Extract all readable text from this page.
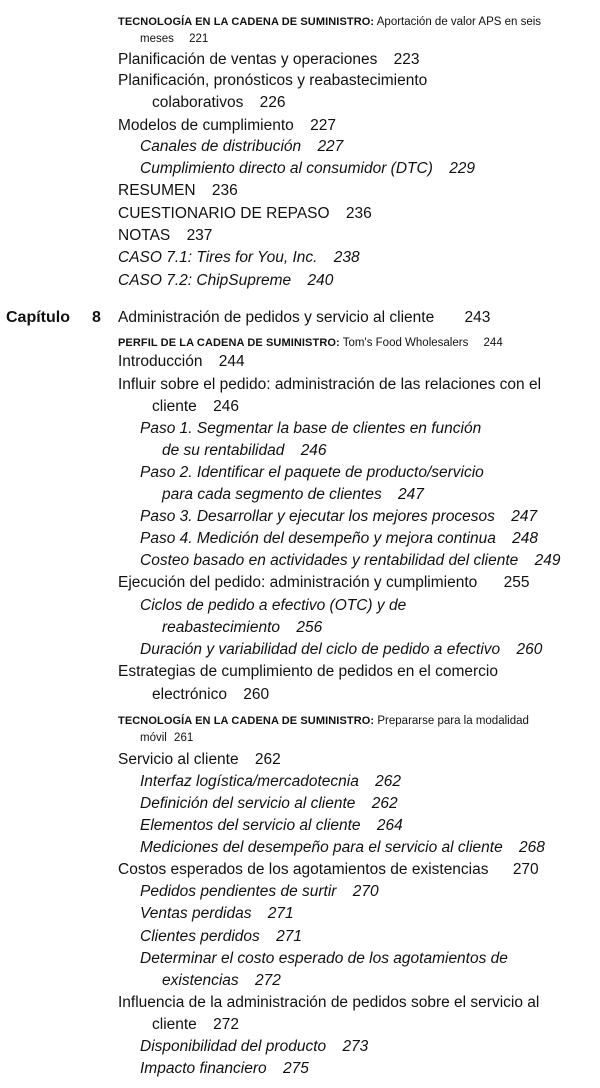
TECNOLOGÍA EN LA CADENA DE SUMINISTRO: Aportación de valor APS en seis
meses 221
Planificación de ventas y operaciones 223
Planificación, pronósticos y reabastecimiento
colaborativos 226
Modelos de cumplimiento 227
Canales de distribución 227
Cumplimiento directo al consumidor (DTC) 229
RESUMEN 236
CUESTIONARIO DE REPASO 236
NOTAS 237
CASO 7.1: Tires for You, Inc. 238
CASO 7.2: ChipSupreme 240
Capítulo 8 Administración de pedidos y servicio al cliente 243
PERFIL DE LA CADENA DE SUMINISTRO: Tom's Food Wholesalers 244
Introducción 244
Influir sobre el pedido: administración de las relaciones con el
cliente 246
Paso 1. Segmentar la base de clientes en función
de su rentabilidad 246
Paso 2. Identificar el paquete de producto/servicio
para cada segmento de clientes 247
Paso 3. Desarrollar y ejecutar los mejores procesos 247
Paso 4. Medición del desempeño y mejora continua 248
Costeo basado en actividades y rentabilidad del cliente 249
Ejecución del pedido: administración y cumplimiento 255
Ciclos de pedido a efectivo (OTC) y de
reabastecimiento 256
Duración y variabilidad del ciclo de pedido a efectivo 260
Estrategias de cumplimiento de pedidos en el comercio
electrónico 260
TECNOLOGÍA EN LA CADENA DE SUMINISTRO: Prepararse para la modalidad
móvil 261
Servicio al cliente 262
Interfaz logística/mercadotecnia 262
Definición del servicio al cliente 262
Elementos del servicio al cliente 264
Mediciones del desempeño para el servicio al cliente 268
Costos esperados de los agotamientos de existencias 270
Pedidos pendientes de surtir 270
Ventas perdidas 271
Clientes perdidos 271
Determinar el costo esperado de los agotamientos de
existencias 272
Influencia de la administración de pedidos sobre el servicio al
cliente 272
Disponibilidad del producto 273
Impacto financiero 275
